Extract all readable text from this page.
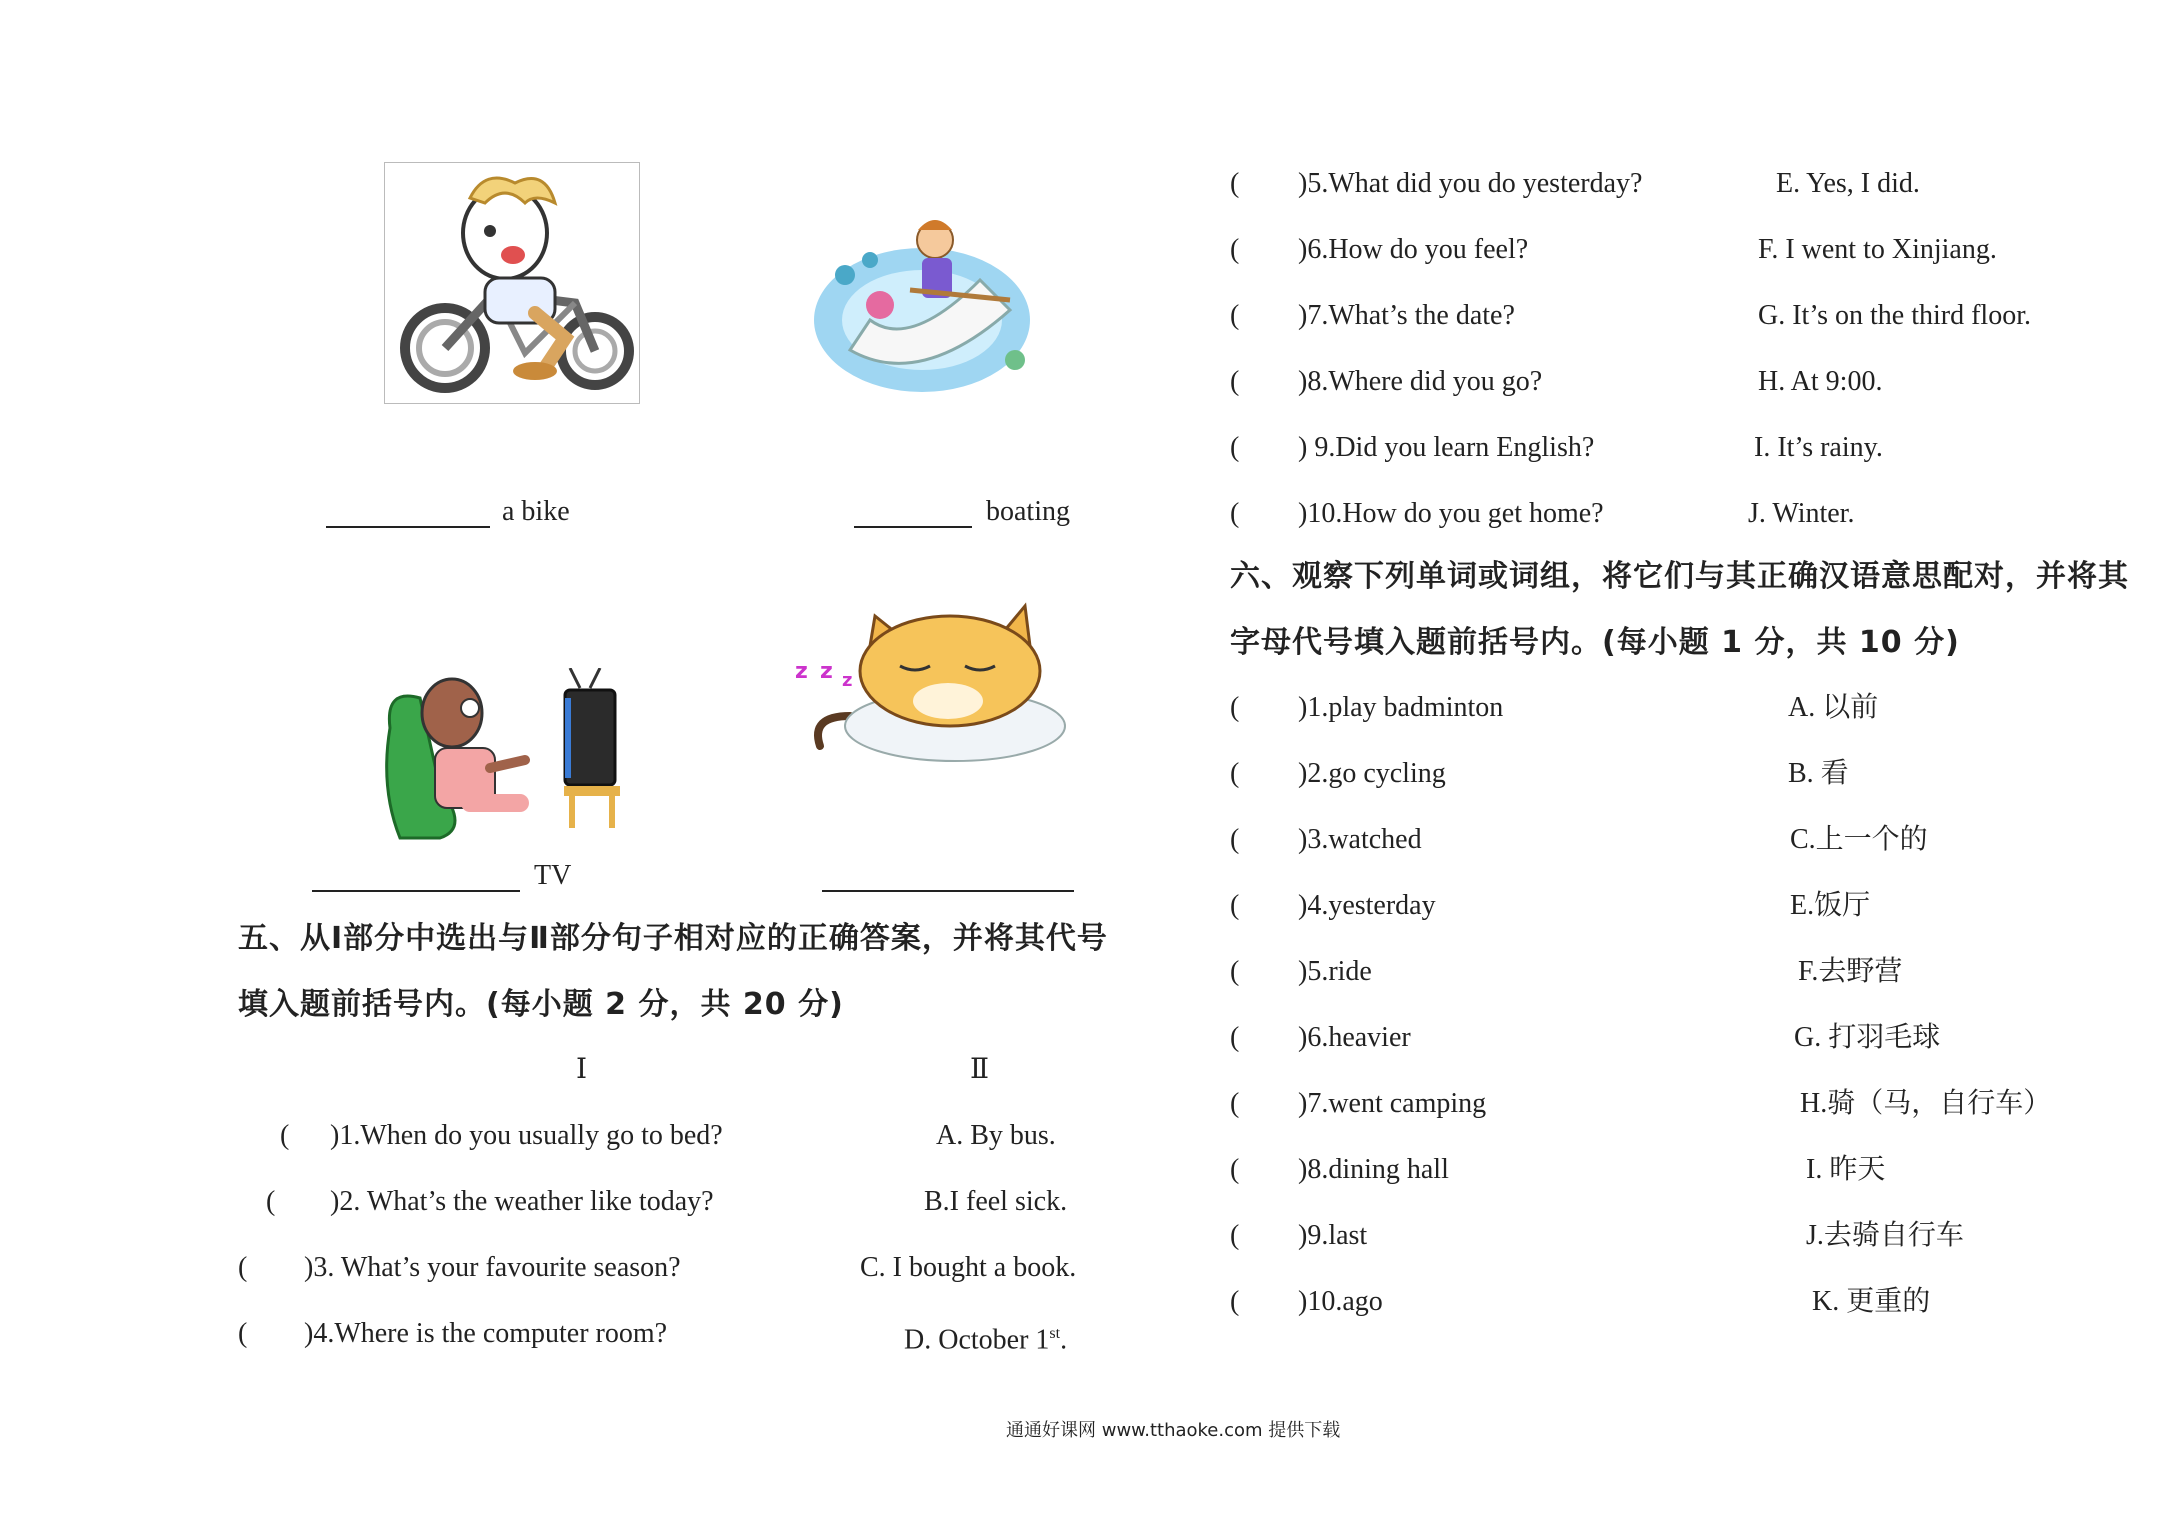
a bike	boating
z z z
TV
五、从Ⅰ部分中选出与Ⅱ部分句子相对应的正确答案，并将其代号
填入题前括号内。(每小题 2 分，共 20 分)
Ⅰ	Ⅱ
( )1.When do you usually go to bed?	A. By bus.
( )2. What’s the weather like today?	B.I feel sick.
( )3. What’s your favourite season?	C. I bought a book.
( )4.Where is the computer room?	D. October 1st.
( )5.What did you do yesterday?	E. Yes, I did.
( )6.How do you feel?	F. I went to Xinjiang.
( )7.What’s the date?	G. It’s on the third floor.
( )8.Where did you go?	H. At 9:00.
( ) 9.Did you learn English?	I. It’s rainy.
( )10.How do you get home?	J. Winter.
六、观察下列单词或词组，将它们与其正确汉语意思配对，并将其
字母代号填入题前括号内。(每小题 1 分，共 10 分)
( )1.play badminton	A. 以前
( )2.go cycling	B. 看
( )3.watched	C.上一个的
( )4.yesterday	E.饭厅
( )5.ride	F.去野营
( )6.heavier	G. 打羽毛球
( )7.went camping	H.骑（马，自行车）
( )8.dining hall	I. 昨天
( )9.last	J.去骑自行车
( )10.ago	K. 更重的
通通好课网 www.tthaoke.com 提供下载
